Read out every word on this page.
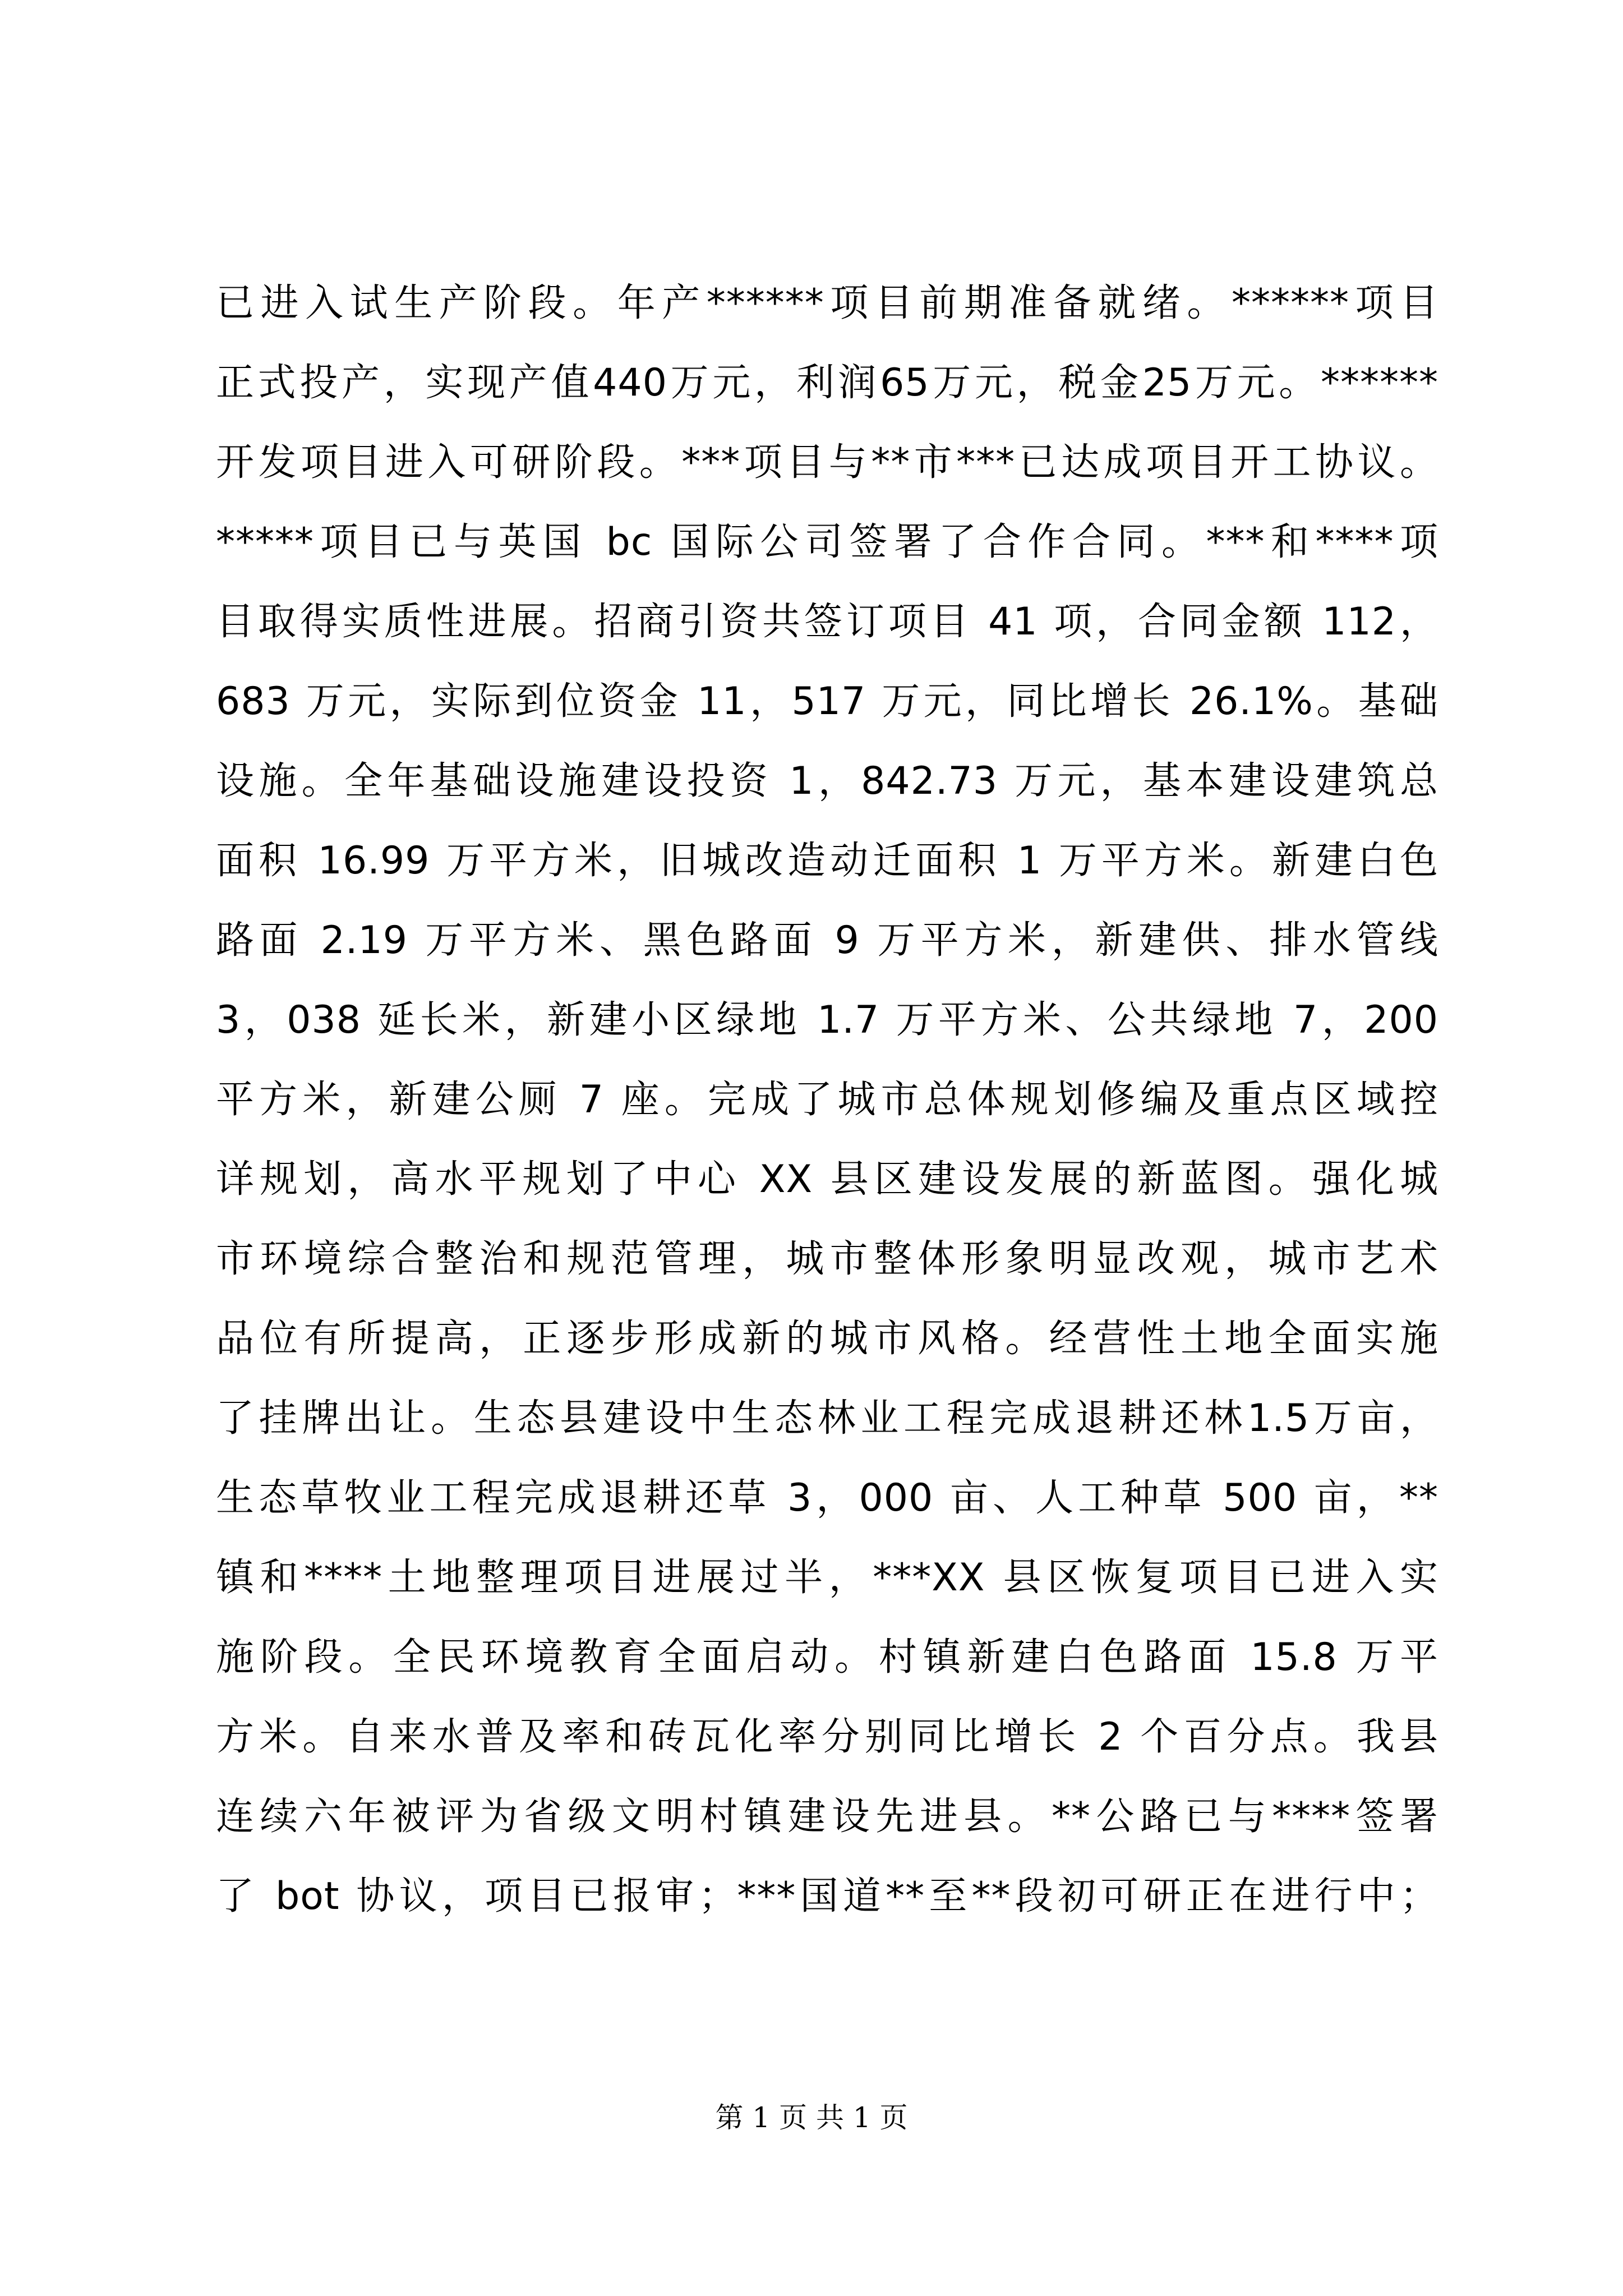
已进入试生产阶段。年产******项目前期准备就绪。******项目
正式投产，实现产值440万元，利润65万元，税金25万元。******
开发项目进入可研阶段。***项目与**市***已达成项目开工协议。
*****项目已与英国 bc 国际公司签署了合作合同。***和****项
目取得实质性进展。招商引资共签订项目 41 项，合同金额 112，
683 万元，实际到位资金 11，517 万元，同比增长 26.1%。基础
设施。全年基础设施建设投资 1，842.73 万元，基本建设建筑总
面积 16.99 万平方米，旧城改造动迁面积 1 万平方米。新建白色
路面 2.19 万平方米、黑色路面 9 万平方米，新建供、排水管线
3，038 延长米，新建小区绿地 1.7 万平方米、公共绿地 7，200
平方米，新建公厕 7 座。完成了城市总体规划修编及重点区域控
详规划，高水平规划了中心 XX 县区建设发展的新蓝图。强化城
市环境综合整治和规范管理，城市整体形象明显改观，城市艺术
品位有所提高，正逐步形成新的城市风格。经营性土地全面实施
了挂牌出让。生态县建设中生态林业工程完成退耕还林1.5万亩，
生态草牧业工程完成退耕还草 3，000 亩、人工种草 500 亩，**
镇和****土地整理项目进展过半，***XX 县区恢复项目已进入实
施阶段。全民环境教育全面启动。村镇新建白色路面 15.8 万平
方米。自来水普及率和砖瓦化率分别同比增长 2 个百分点。我县
连续六年被评为省级文明村镇建设先进县。**公路已与****签署
了 bot 协议，项目已报审；***国道**至**段初可研正在进行中；
第 1 页 共 1 页
